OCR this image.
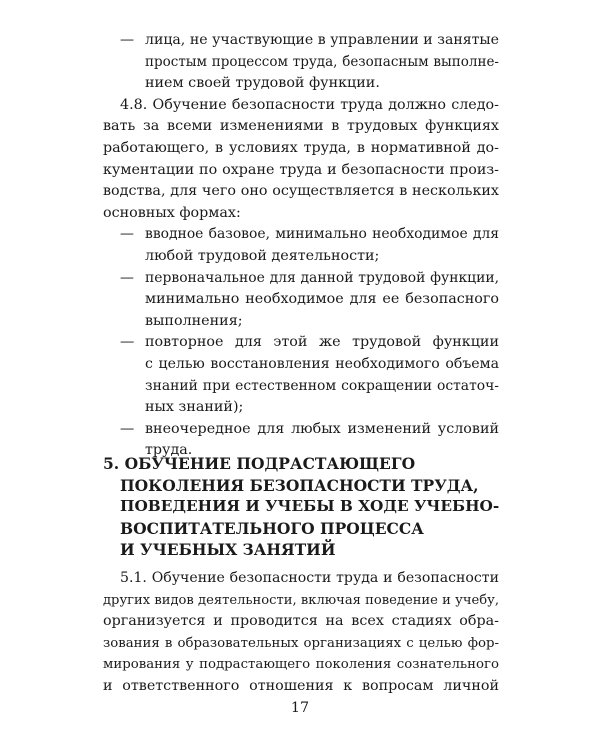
— лица, не участвующие в управлении и занятые
простым процессом труда, безопасным выполне-
нием своей трудовой функции.
4.8. Обучение безопасности труда должно следо-
вать за всеми изменениями в трудовых функциях
работающего, в условиях труда, в нормативной до-
кументации по охране труда и безопасности произ-
водства, для чего оно осуществляется в нескольких
основных формах:
— вводное базовое, минимально необходимое для
любой трудовой деятельности;
— первоначальное для данной трудовой функции,
минимально необходимое для ее безопасного
выполнения;
— повторное для этой же трудовой функции
с целью восстановления необходимого объема
знаний при естественном сокращении остаточ-
ных знаний);
— внеочередное для любых изменений условий
труда.
5. ОБУЧЕНИЕ ПОДРАСТАЮЩЕГО
ПОКОЛЕНИЯ БЕЗОПАСНОСТИ ТРУДА,
ПОВЕДЕНИЯ И УЧЕБЫ В ХОДЕ УЧЕБНО-
ВОСПИТАТЕЛЬНОГО ПРОЦЕССА
И УЧЕБНЫХ ЗАНЯТИЙ
5.1. Обучение безопасности труда и безопасности
других видов деятельности, включая поведение и учебу,
организуется и проводится на всех стадиях обра-
зования в образовательных организациях с целью фор-
мирования у подрастающего поколения сознательного
и ответственного отношения к вопросам личной
17
